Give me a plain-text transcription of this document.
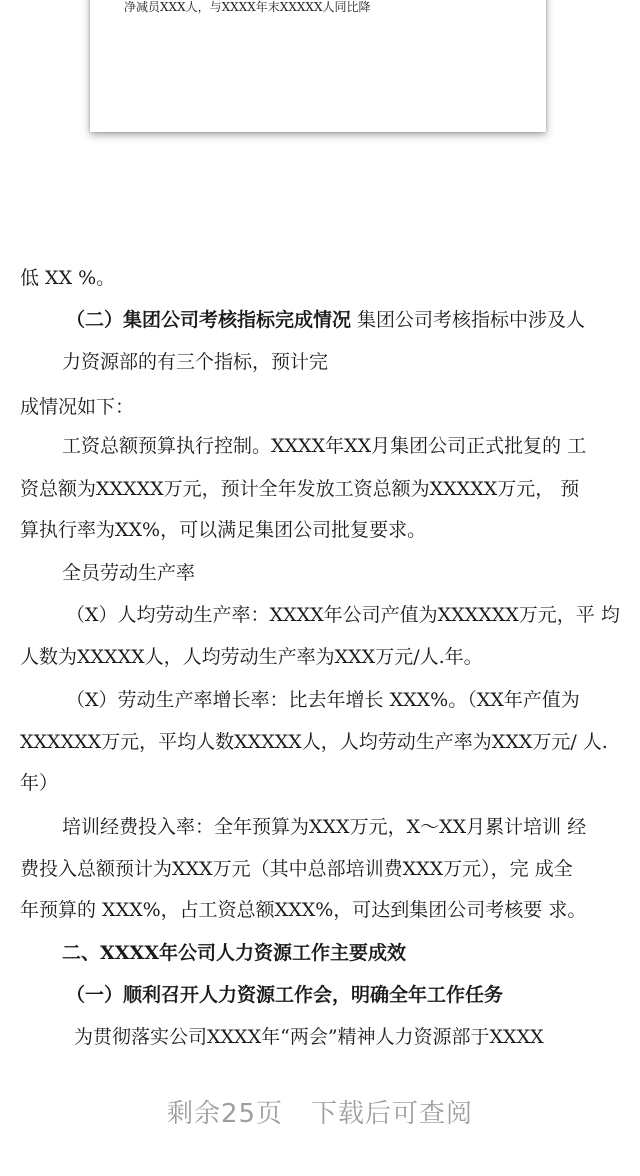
净减员XXX人，与XXXX年末XXXXX人同比降
低 XX %。
（二）集团公司考核指标完成情况 集团公司考核指标中涉及人
力资源部的有三个指标，预计完
成情况如下：
工资总额预算执行控制。XXXX年XX月集团公司正式批复的 工
资总额为XXXXX万元，预计全年发放工资总额为XXXXX万元， 预
算执行率为XX%，可以满足集团公司批复要求。
全员劳动生产率
（X）人均劳动生产率：XXXX年公司产值为XXXXXX万元，平 均
人数为XXXXX人，人均劳动生产率为XXX万元/人.年。
（X）劳动生产率增长率：比去年增长 XXX%。（XX年产值为
XXXXXX万元，平均人数XXXXX人，人均劳动生产率为XXX万元/ 人.
年）
培训经费投入率：全年预算为XXX万元，X～XX月累计培训 经
费投入总额预计为XXX万元（其中总部培训费XXX万元），完 成全
年预算的 XXX%，占工资总额XXX%，可达到集团公司考核要 求。
二、XXXX年公司人力资源工作主要成效
（一）顺利召开人力资源工作会，明确全年工作任务
为贯彻落实公司XXXX年“两会”精神人力资源部于XXXX
剩余25页 下载后可查阅
